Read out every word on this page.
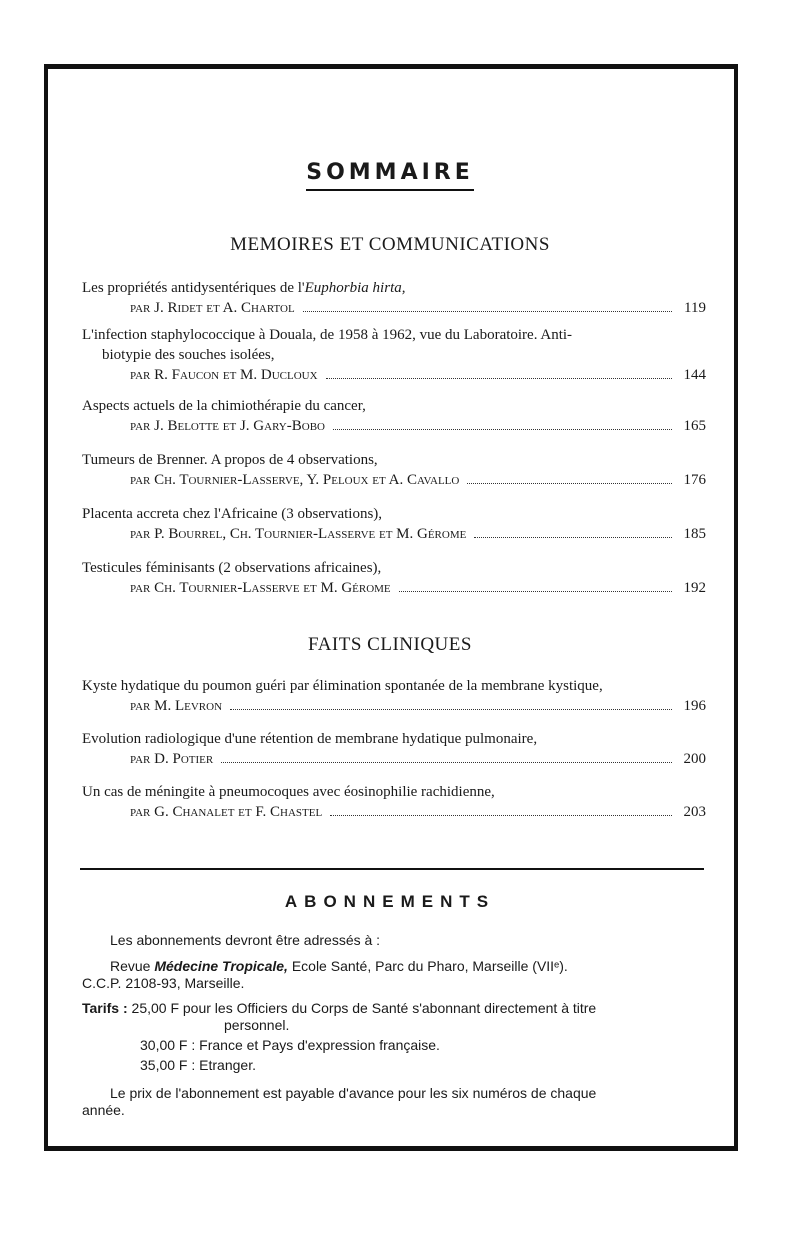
SOMMAIRE
MEMOIRES ET COMMUNICATIONS
Les propriétés antidysentériques de l'Euphorbia hirta,
par J. Ridet et A. Chartol	119
L'infection staphylococcique à Douala, de 1958 à 1962, vue du Laboratoire. Anti-
biotypie des souches isolées,
par R. Faucon et M. Ducloux	144
Aspects actuels de la chimiothérapie du cancer,
par J. Belotte et J. Gary-Bobo	165
Tumeurs de Brenner. A propos de 4 observations,
par Ch. Tournier-Lasserve, Y. Peloux et A. Cavallo	176
Placenta accreta chez l'Africaine (3 observations),
par P. Bourrel, Ch. Tournier-Lasserve et M. Gérome	185
Testicules féminisants (2 observations africaines),
par Ch. Tournier-Lasserve et M. Gérome	192
FAITS CLINIQUES
Kyste hydatique du poumon guéri par élimination spontanée de la membrane kystique,
par M. Levron	196
Evolution radiologique d'une rétention de membrane hydatique pulmonaire,
par D. Potier	200
Un cas de méningite à pneumocoques avec éosinophilie rachidienne,
par G. Chanalet et F. Chastel	203
ABONNEMENTS
Les abonnements devront être adressés à :
Revue Médecine Tropicale, Ecole Santé, Parc du Pharo, Marseille (VIIᵉ).
C.C.P. 2108-93, Marseille.
Tarifs : 25,00 F pour les Officiers du Corps de Santé s'abonnant directement à titre
personnel.
30,00 F : France et Pays d'expression française.
35,00 F : Etranger.
Le prix de l'abonnement est payable d'avance pour les six numéros de chaque
année.
